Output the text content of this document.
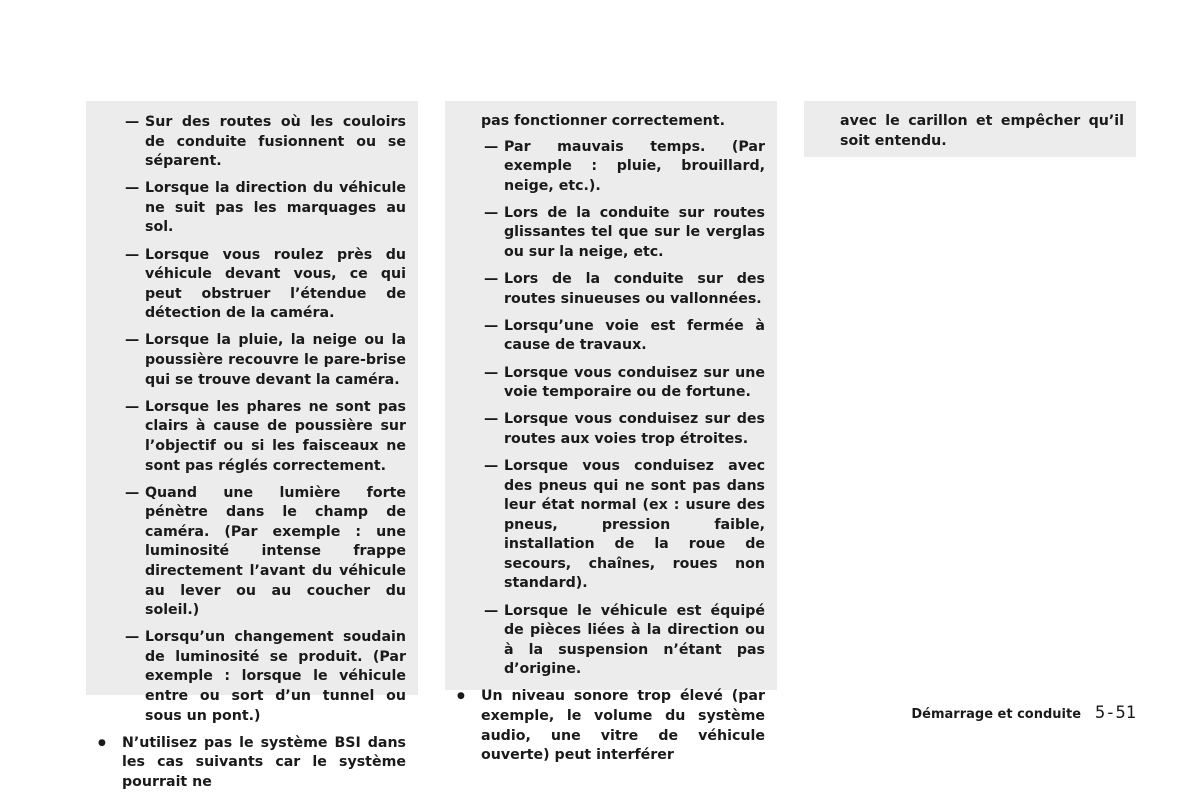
— Sur des routes où les couloirs de conduite fusionnent ou se séparent.
— Lorsque la direction du véhicule ne suit pas les marquages au sol.
— Lorsque vous roulez près du véhicule devant vous, ce qui peut obstruer l’étendue de détection de la caméra.
— Lorsque la pluie, la neige ou la poussière recouvre le pare-brise qui se trouve devant la caméra.
— Lorsque les phares ne sont pas clairs à cause de poussière sur l’objectif ou si les faisceaux ne sont pas réglés correctement.
— Quand une lumière forte pénètre dans le champ de caméra. (Par exemple : une luminosité intense frappe directement l’avant du véhicule au lever ou au coucher du soleil.)
— Lorsqu’un changement soudain de luminosité se produit. (Par exemple : lorsque le véhicule entre ou sort d’un tunnel ou sous un pont.)
●	N’utilisez pas le système BSI dans les cas suivants car le système pourrait ne
pas fonctionner correctement.
— Par mauvais temps. (Par exemple : pluie, brouillard, neige, etc.).
— Lors de la conduite sur routes glissantes tel que sur le verglas ou sur la neige, etc.
— Lors de la conduite sur des routes sinueuses ou vallonnées.
— Lorsqu’une voie est fermée à cause de travaux.
— Lorsque vous conduisez sur une voie temporaire ou de fortune.
— Lorsque vous conduisez sur des routes aux voies trop étroites.
— Lorsque vous conduisez avec des pneus qui ne sont pas dans leur état normal (ex : usure des pneus, pression faible, installation de la roue de secours, chaînes, roues non standard).
— Lorsque le véhicule est équipé de pièces liées à la direction ou à la suspension n’étant pas d’origine.
●	Un niveau sonore trop élevé (par exemple, le volume du système audio, une vitre de véhicule ouverte) peut interférer
avec le carillon et empêcher qu’il soit entendu.
Démarrage et conduite 5-51
